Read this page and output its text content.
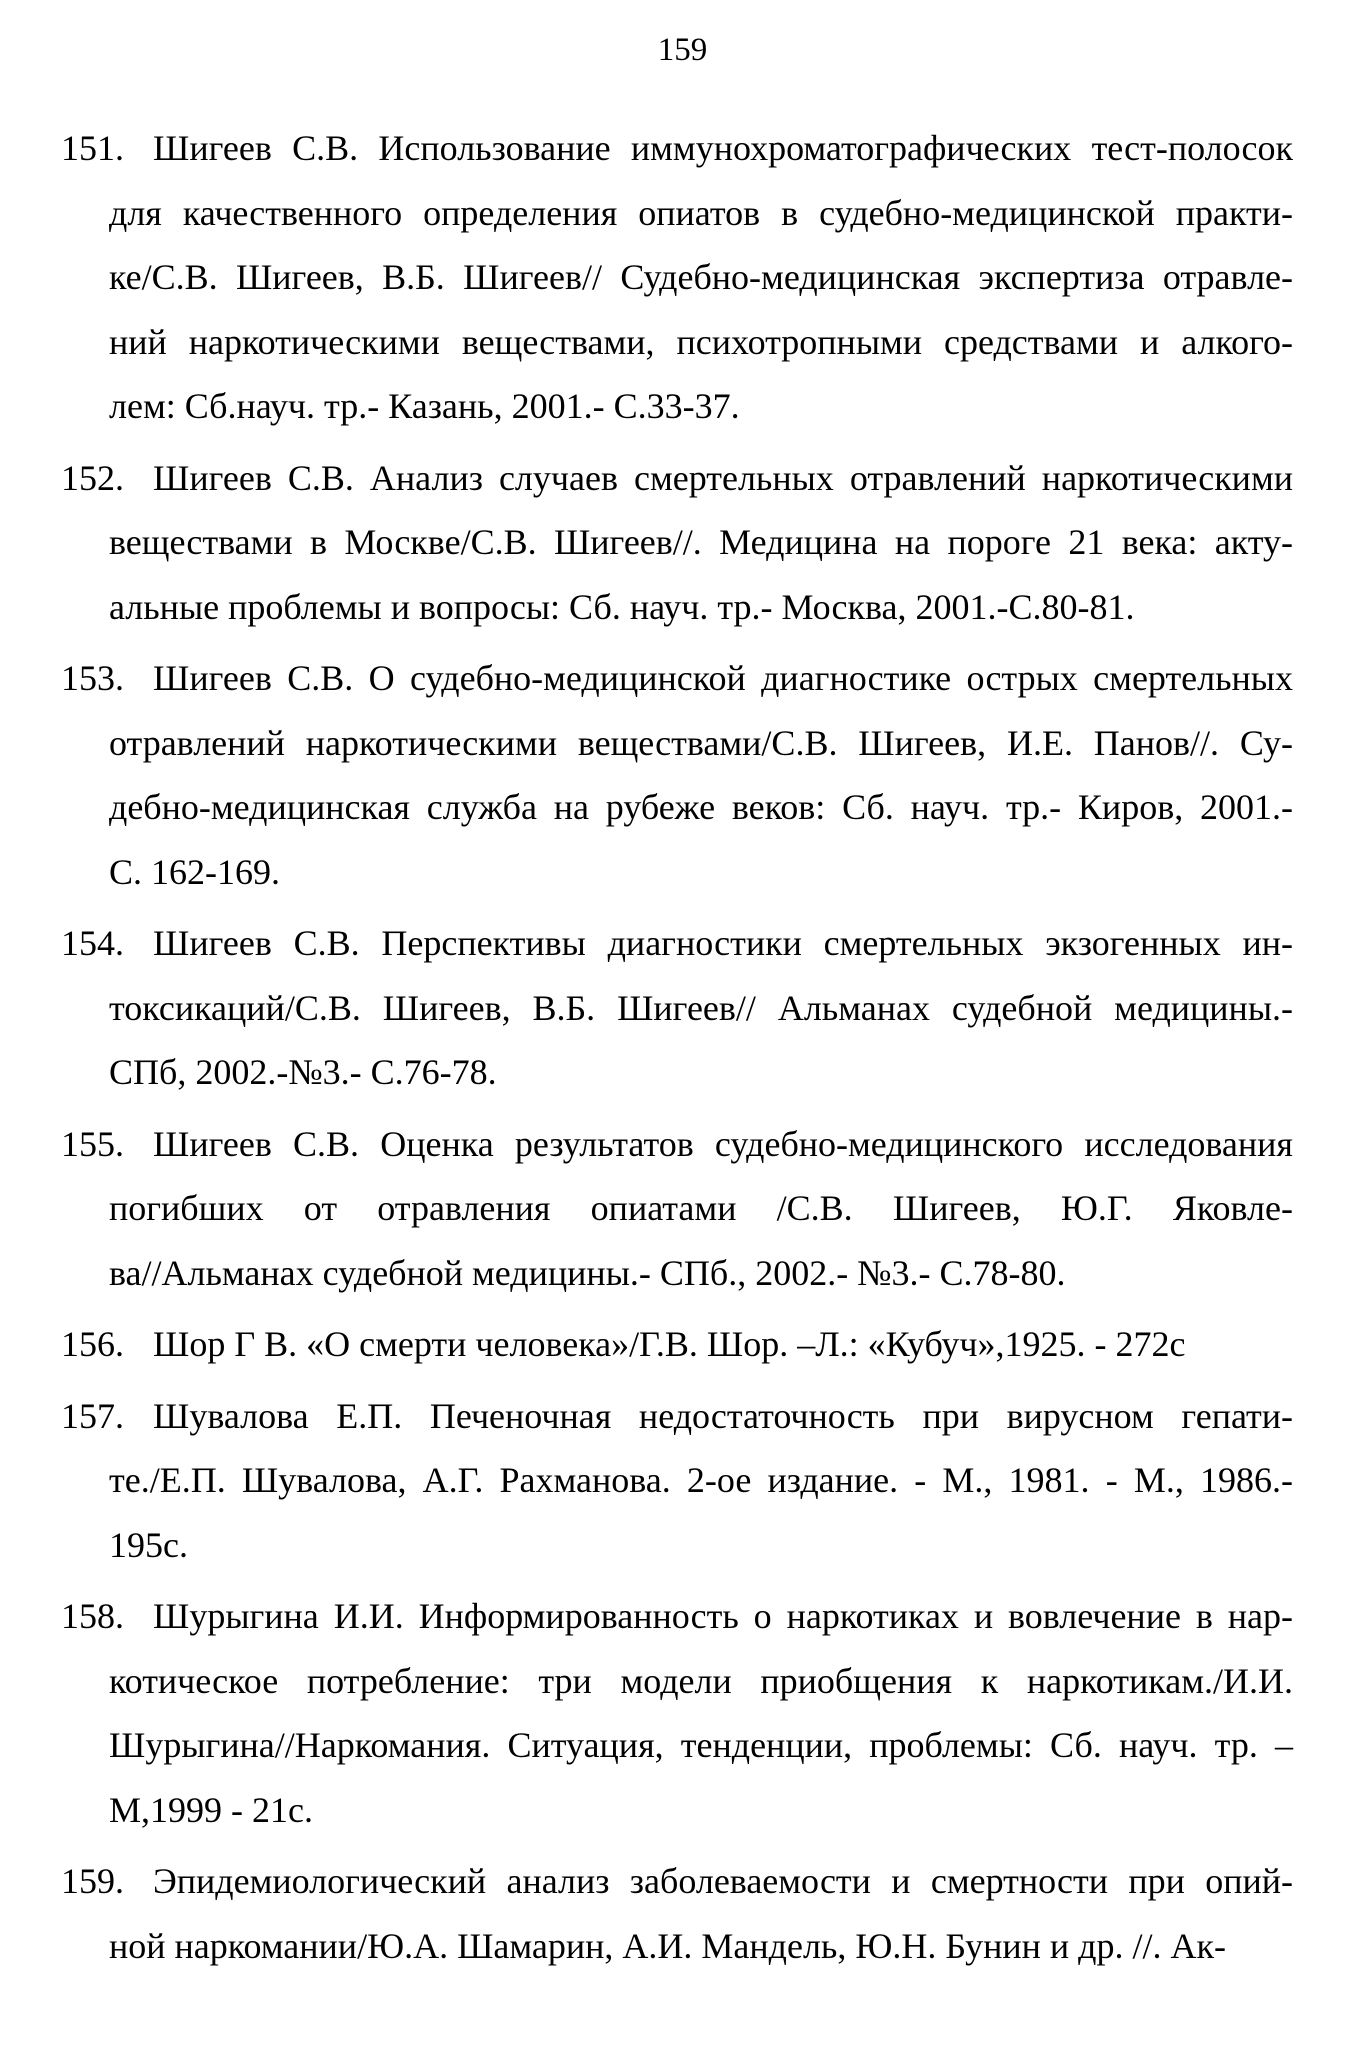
159
151. Шигеев С.В. Использование иммунохроматографических тест-полосок
для качественного определения опиатов в судебно-медицинской практи-
ке/С.В. Шигеев, В.Б. Шигеев// Судебно-медицинская экспертиза отравле-
ний наркотическими веществами, психотропными средствами и алкого-
лем: Сб.науч. тр.- Казань, 2001.- С.33-37.
152. Шигеев С.В. Анализ случаев смертельных отравлений наркотическими
веществами в Москве/С.В. Шигеев//. Медицина на пороге 21 века: акту-
альные проблемы и вопросы: Сб. науч. тр.- Москва, 2001.-С.80-81.
153. Шигеев С.В. О судебно-медицинской диагностике острых смертельных
отравлений наркотическими веществами/С.В. Шигеев, И.Е. Панов//. Су-
дебно-медицинская служба на рубеже веков: Сб. науч. тр.- Киров, 2001.-
С. 162-169.
154. Шигеев С.В. Перспективы диагностики смертельных экзогенных ин-
токсикаций/С.В. Шигеев, В.Б. Шигеев// Альманах судебной медицины.-
СПб, 2002.-№3.- С.76-78.
155. Шигеев С.В. Оценка результатов судебно-медицинского исследования
погибших от отравления опиатами /С.В. Шигеев, Ю.Г. Яковле-
ва//Альманах судебной медицины.- СПб., 2002.- №3.- С.78-80.
156. Шор Г В. «О смерти человека»/Г.В. Шор. –Л.: «Кубуч»,1925. - 272с
157. Шувалова Е.П. Печеночная недостаточность при вирусном гепати-
те./Е.П. Шувалова, А.Г. Рахманова. 2-ое издание. - М., 1981. - М., 1986.-
195с.
158. Шурыгина И.И. Информированность о наркотиках и вовлечение в нар-
котическое потребление: три модели приобщения к наркотикам./И.И.
Шурыгина//Наркомания. Ситуация, тенденции, проблемы: Сб. науч. тр. –
М,1999 - 21с.
159. Эпидемиологический анализ заболеваемости и смертности при опий-
ной наркомании/Ю.А. Шамарин, А.И. Мандель, Ю.Н. Бунин и др. //. Ак-
